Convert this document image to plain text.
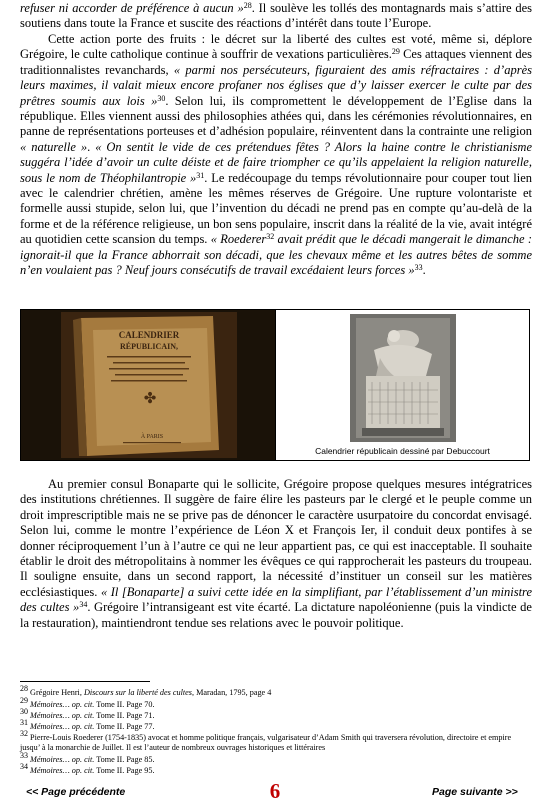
refuser ni accorder de préférence à aucun »$^{28}$. Il soulève les tollés des montagnards mais s’attire des soutiens dans toute la France et suscite des réactions d’intérêt dans toute l’Europe.

Cette action porte des fruits : le décret sur la liberté des cultes est voté, même si, déplore Grégoire, le culte catholique continue à souffrir de vexations particulières.$^{29}$ Ces attaques viennent des traditionnalistes revanchards, « parmi nos persécuteurs, figuraient des amis réfractaires : d’après leurs maximes, il valait mieux encore profaner nos églises que d’y laisser exercer le culte par des prêtres soumis aux lois »$^{30}$. Selon lui, ils compromettent le développement de l’Eglise dans la république. Elles viennent aussi des philosophies athées qui, dans les cérémonies révolutionnaires, en panne de représentations porteuses et d’adhésion populaire, réinventent dans la contrainte une religion « naturelle ». « On sentit le vide de ces prétendues fêtes ? Alors la haine contre le christianisme suggéra l’idée d’avoir un culte déiste et de faire triompher ce qu’ils appelaient la religion naturelle, sous le nom de Théophilantropie »$^{31}$. Le redécoupage du temps révolutionnaire pour couper tout lien avec le calendrier chrétien, amène les mêmes réserves de Grégoire. Une rupture volontariste et formelle aussi stupide, selon lui, que l’invention du décadi ne prend pas en compte qu’au-delà de la forme et de la référence religieuse, un bon sens populaire, inscrit dans la réalité de la vie, avait intégré au quotidien cette scansion du temps. « Roederer$^{32}$ avait prédit que le décadi mangerait le dimanche : ignorait-il que la France abhorrait son décadi, que les chevaux même et les autres bêtes de somme n’en voulaient pas ? Neuf jours consécutifs de travail excédaient leurs forces »$^{33}$.

CALENDRIER
RÉPUBLICAIN,
✤
À PARIS
Calendrier républicain dessiné par Debuccourt

Au premier consul Bonaparte qui le sollicite, Grégoire propose quelques mesures intégratrices des institutions chrétiennes. Il suggère de faire élire les pasteurs par le clergé et le peuple comme un droit imprescriptible mais ne se prive pas de dénoncer le caractère usurpatoire du concordat envisagé. Selon lui, comme le montre l’expérience de Léon X et François Ier, il conduit deux pontifes à se donner réciproquement l’un à l’autre ce qui ne leur appartient pas, ce qui est inacceptable. Il souhaite établir le droit des métropolitains à nommer les évêques ce qui rapprocherait les pasteurs du troupeau. Il souligne ensuite, dans un second rapport, la nécessité d’instituer un conseil sur les matières ecclésiastiques. « Il [Bonaparte] a suivi cette idée en la simplifiant, par l’établissement d’un ministre des cultes »$^{34}$. Grégoire l’intransigeant est vite écarté. La dictature napoléonienne (puis la vindicte de la restauration), maintiendront tendue ses relations avec le pouvoir politique.

$^{28}$ Grégoire Henri, Discours sur la liberté des cultes, Maradan, 1795, page 4

$^{29}$ Mémoires… op. cit. Tome II. Page 70.

$^{30}$ Mémoires… op. cit. Tome II. Page 71.

$^{31}$ Mémoires… op. cit. Tome II. Page 77.

$^{32}$ Pierre-Louis Roederer (1754-1835) avocat et homme politique français, vulgarisateur d’Adam Smith qui traversera révolution, directoire et empire jusqu’ à la monarchie de Juillet. Il est l’auteur de nombreux ouvrages historiques et littéraires

$^{33}$ Mémoires… op. cit. Tome II. Page 85.

$^{34}$ Mémoires… op. cit. Tome II. Page 95.

<< Page précédente	6	Page suivante >>
